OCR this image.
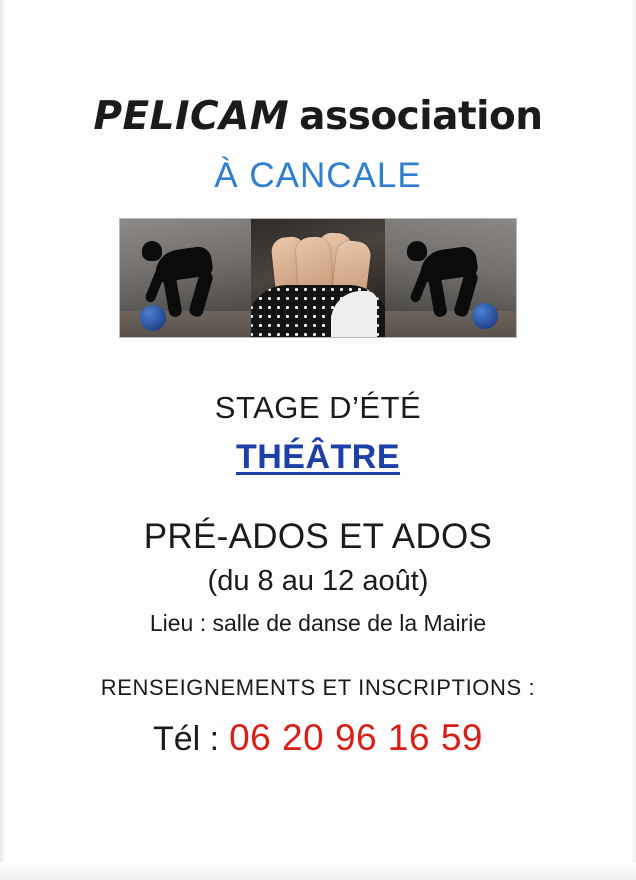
PELICAM association
À CANCALE
STAGE D’ÉTÉ
THÉÂTRE
PRÉ-ADOS ET ADOS
(du 8 au 12 août)
Lieu : salle de danse de la Mairie
RENSEIGNEMENTS ET INSCRIPTIONS :
Tél : 06 20 96 16 59
